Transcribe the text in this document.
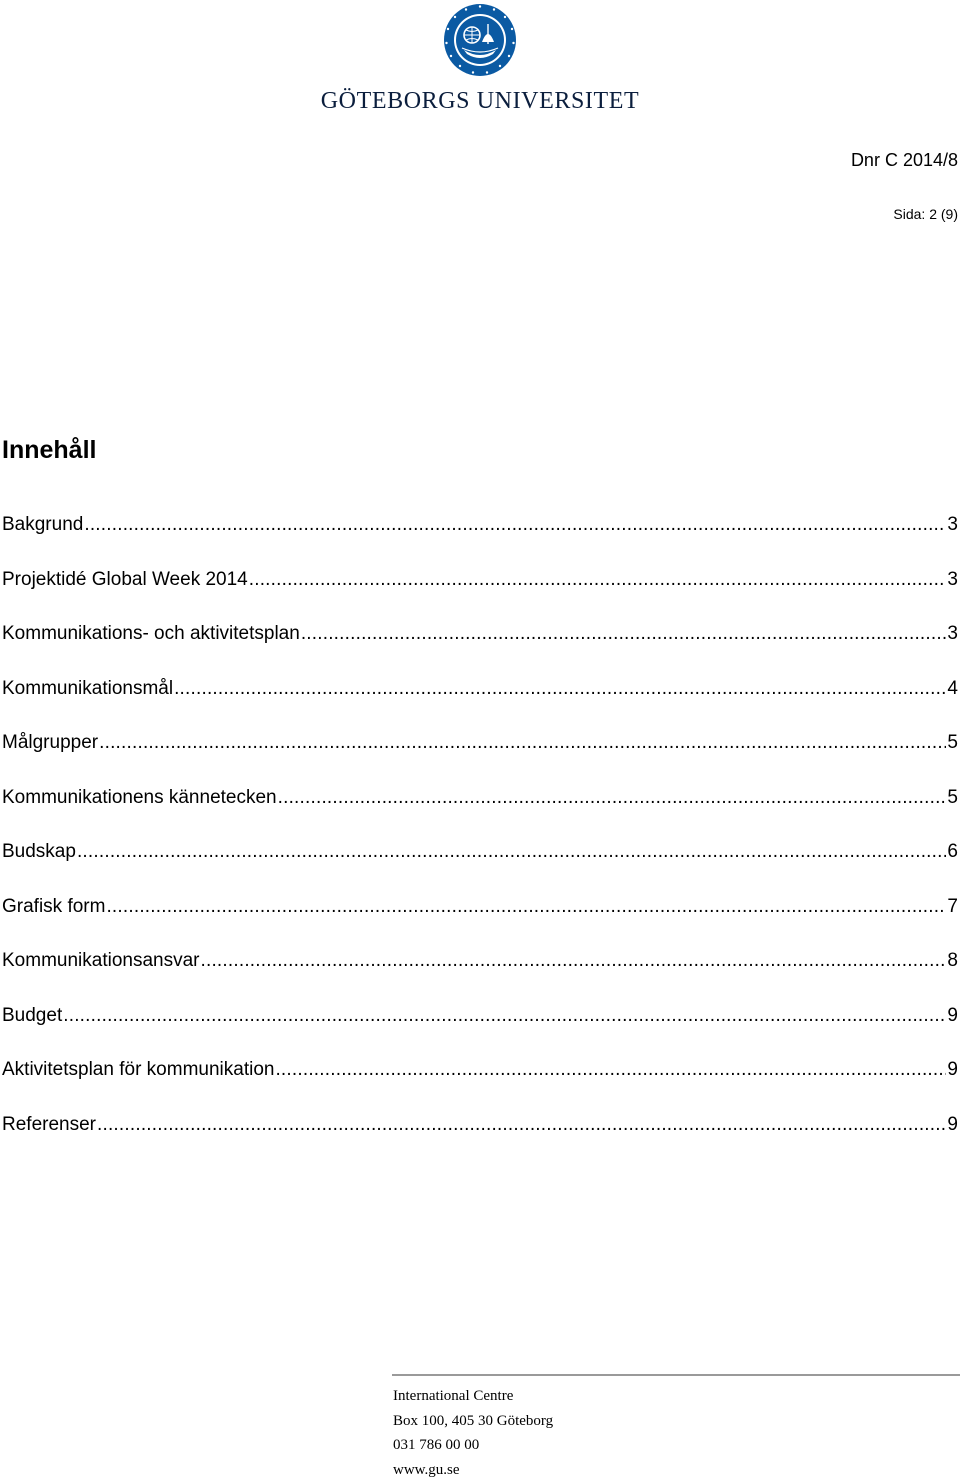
GÖTEBORGS UNIVERSITET
Dnr C 2014/8
Sida: 2 (9)
Innehåll
Bakgrund .....	3
Projektidé Global Week 2014 .....	3
Kommunikations- och aktivitetsplan .....	3
Kommunikationsmål .....	4
Målgrupper .....	5
Kommunikationens kännetecken .....	5
Budskap .....	6
Grafisk form .....	7
Kommunikationsansvar .....	8
Budget .....	9
Aktivitetsplan för kommunikation .....	9
Referenser .....	9
International Centre
Box 100, 405 30 Göteborg
031 786 00 00
www.gu.se
